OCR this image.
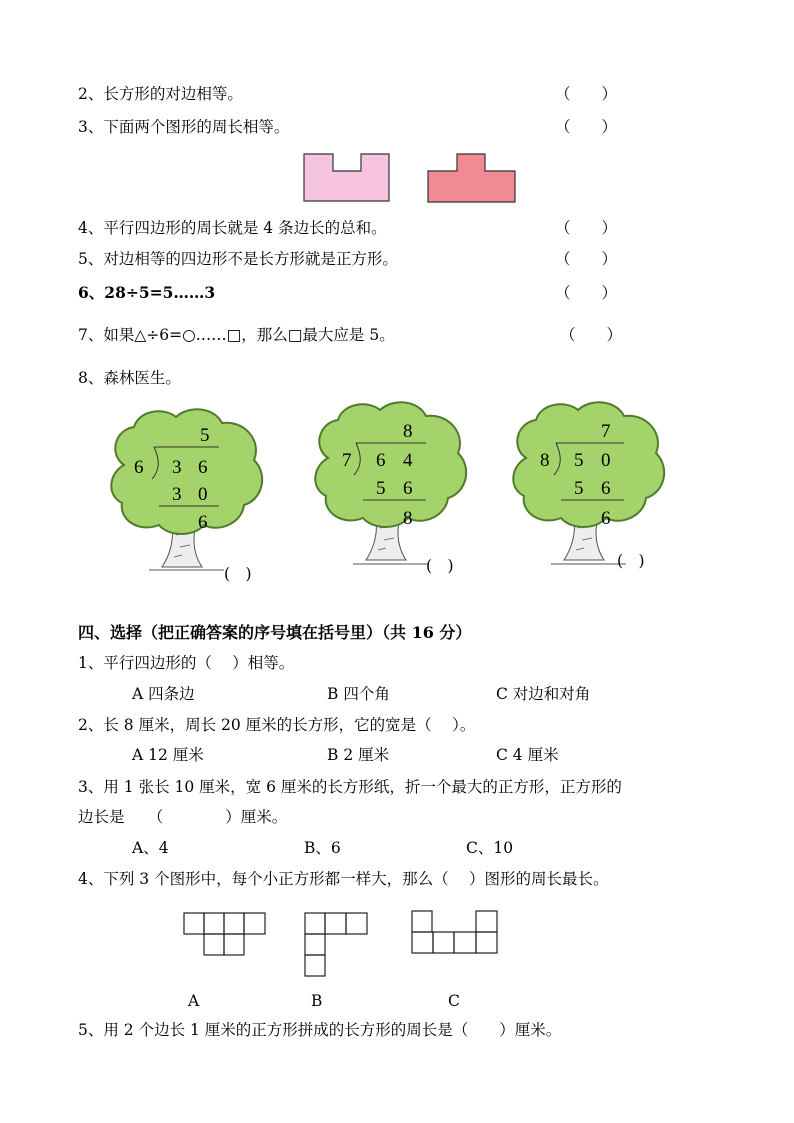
2、长方形的对边相等。	（　　）
3、下面两个图形的周长相等。	（　　）
4、平行四边形的周长就是 4 条边长的总和。	（　　）
5、对边相等的四边形不是长方形就是正方形。	（　　）
6、28÷5=5……3	（　　）
7、如果△÷6=○……□，那么□最大应是 5。	（　　）
8、森林医生。
5
6 3 6
3 0
6
(　)
8
7 6 4
5 6
8
(　)
7
8 5 0
5 6
6
(　)
四、选择（把正确答案的序号填在括号里）（共 16 分）
1、平行四边形的（　 ）相等。
A 四条边	B 四个角	C 对边和对角
2、长 8 厘米，周长 20 厘米的长方形，它的宽是（　 ）。
A 12 厘米	B 2 厘米	C 4 厘米
3、用 1 张长 10 厘米，宽 6 厘米的长方形纸，折一个最大的正方形，正方形的
边长是　　（　　　　）厘米。
A、4	B、6	C、10
4、下列 3 个图形中，每个小正方形都一样大，那么（　 ）图形的周长最长。
A	B	C
5、用 2 个边长 1 厘米的正方形拼成的长方形的周长是（　　）厘米。
